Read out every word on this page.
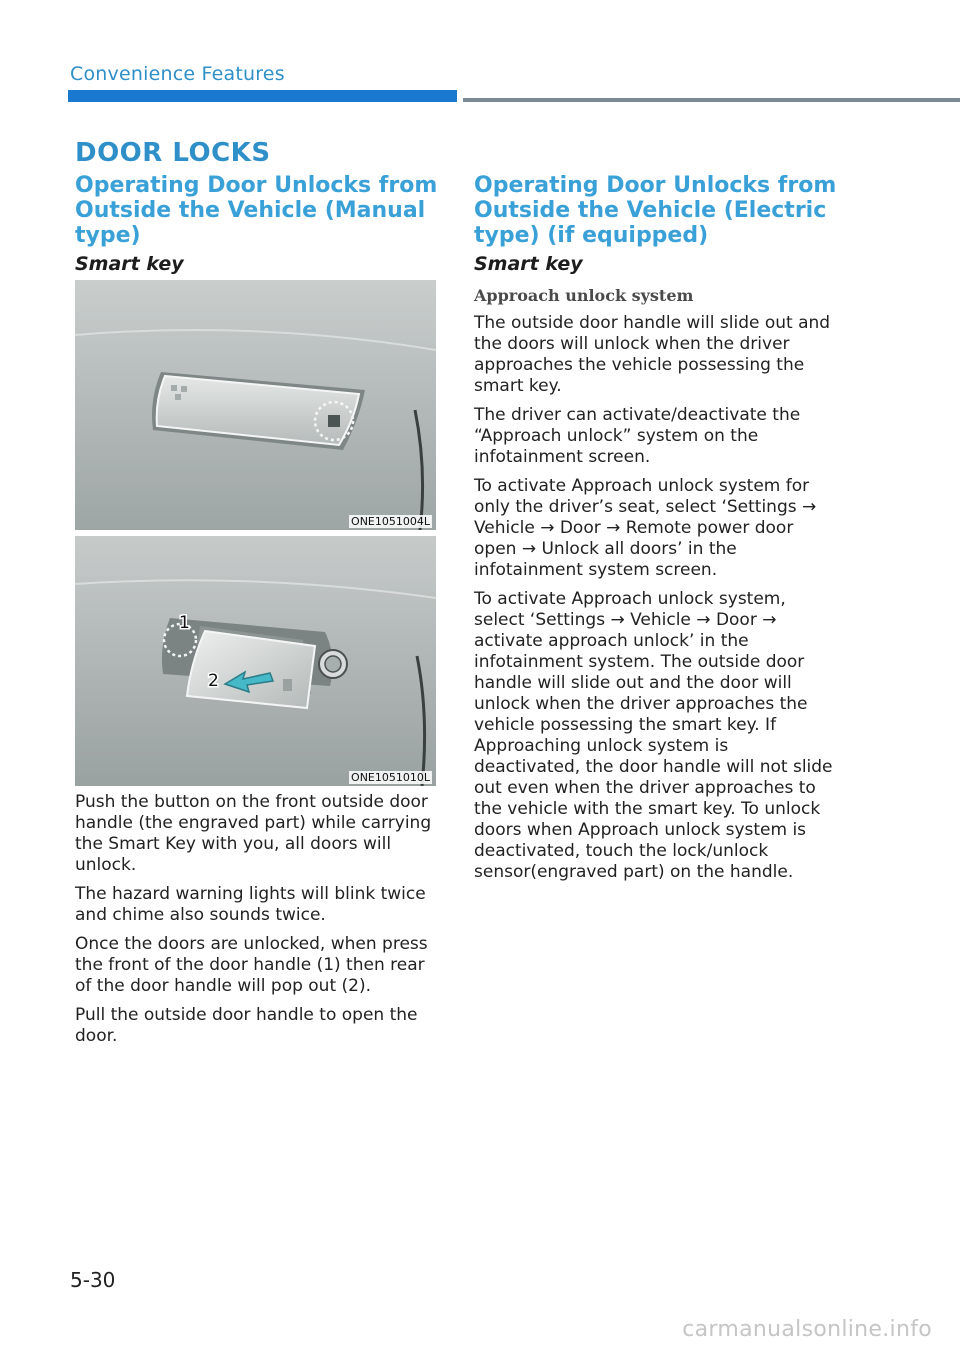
Convenience Features
DOOR LOCKS
Operating Door Unlocks from Outside the Vehicle (Manual type)
Smart key
ONE1051004L
1
2
ONE1051010L

Push the button on the front outside door handle (the engraved part) while carrying the Smart Key with you, all doors will unlock.

The hazard warning lights will blink twice and chime also sounds twice.

Once the doors are unlocked, when press the front of the door handle (1) then rear of the door handle will pop out (2).

Pull the outside door handle to open the door.

Operating Door Unlocks from Outside the Vehicle (Electric type) (if equipped)
Smart key
Approach unlock system

The outside door handle will slide out and the doors will unlock when the driver approaches the vehicle possessing the smart key.

The driver can activate/deactivate the “Approach unlock” system on the infotainment screen.

To activate Approach unlock system for only the driver’s seat, select ‘Settings → Vehicle → Door → Remote power door open → Unlock all doors’ in the infotainment system screen.

To activate Approach unlock system, select ‘Settings → Vehicle → Door → activate approach unlock’ in the infotainment system. The outside door handle will slide out and the door will unlock when the driver approaches the vehicle possessing the smart key. If Approaching unlock system is deactivated, the door handle will not slide out even when the driver approaches to the vehicle with the smart key. To unlock doors when Approach unlock system is deactivated, touch the lock/unlock sensor(engraved part) on the handle.

5-30
carmanualsonline.info
